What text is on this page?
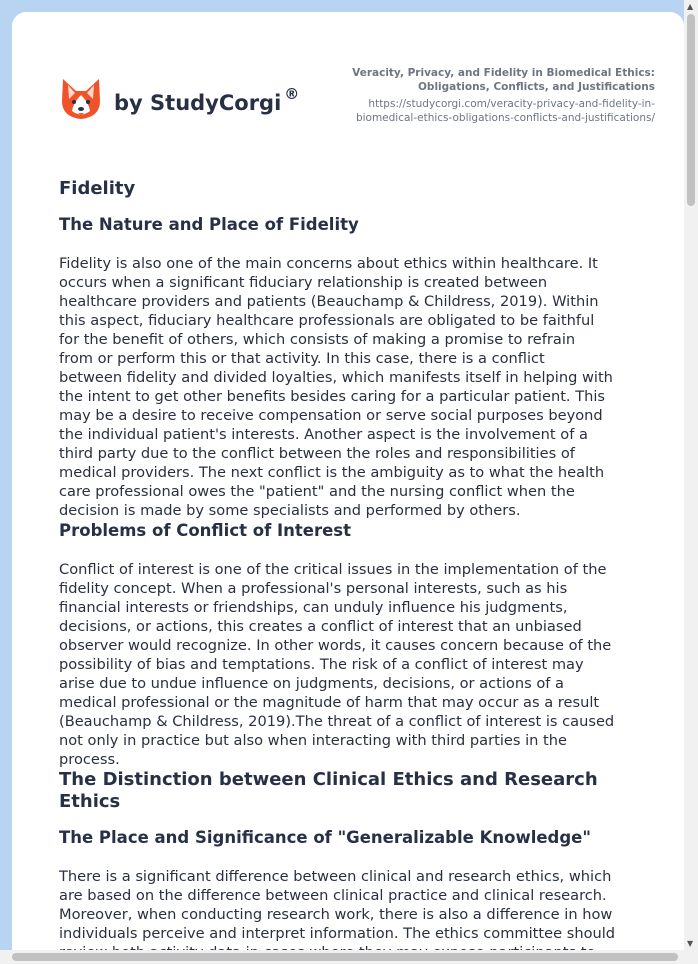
by StudyCorgi ®
Veracity, Privacy, and Fidelity in Biomedical Ethics:
Obligations, Conflicts, and Justifications
https://studycorgi.com/veracity-privacy-and-fidelity-in-
biomedical-ethics-obligations-conflicts-and-justifications/
Fidelity
The Nature and Place of Fidelity

Fidelity is also one of the main concerns about ethics within healthcare. It
occurs when a significant fiduciary relationship is created between
healthcare providers and patients (Beauchamp & Childress, 2019). Within
this aspect, fiduciary healthcare professionals are obligated to be faithful
for the benefit of others, which consists of making a promise to refrain
from or perform this or that activity. In this case, there is a conflict
between fidelity and divided loyalties, which manifests itself in helping with
the intent to get other benefits besides caring for a particular patient. This
may be a desire to receive compensation or serve social purposes beyond
the individual patient's interests. Another aspect is the involvement of a
third party due to the conflict between the roles and responsibilities of
medical providers. The next conflict is the ambiguity as to what the health
care professional owes the "patient" and the nursing conflict when the
decision is made by some specialists and performed by others.

Problems of Conflict of Interest

Conflict of interest is one of the critical issues in the implementation of the
fidelity concept. When a professional's personal interests, such as his
financial interests or friendships, can unduly influence his judgments,
decisions, or actions, this creates a conflict of interest that an unbiased
observer would recognize. In other words, it causes concern because of the
possibility of bias and temptations. The risk of a conflict of interest may
arise due to undue influence on judgments, decisions, or actions of a
medical professional or the magnitude of harm that may occur as a result
(Beauchamp & Childress, 2019).The threat of a conflict of interest is caused
not only in practice but also when interacting with third parties in the
process.

The Distinction between Clinical Ethics and Research Ethics
The Place and Significance of "Generalizable Knowledge"

There is a significant difference between clinical and research ethics, which
are based on the difference between clinical practice and clinical research.
Moreover, when conducting research work, there is also a difference in how
individuals perceive and interpret information. The ethics committee should

▲
▼
